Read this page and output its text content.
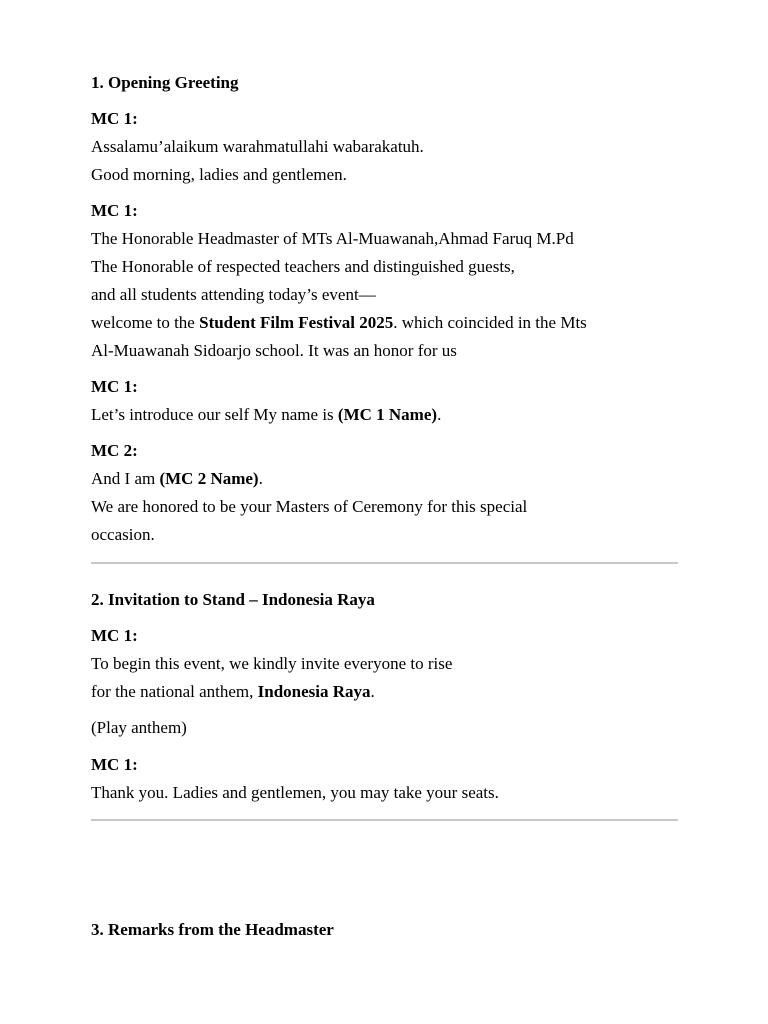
1. Opening Greeting
MC 1:
Assalamu’alaikum warahmatullahi wabarakatuh.
Good morning, ladies and gentlemen.
MC 1:
The Honorable Headmaster of MTs Al-Muawanah,Ahmad Faruq M.Pd
The Honorable of respected teachers and distinguished guests,
and all students attending today’s event—
welcome to the Student Film Festival 2025. which coincided in the Mts
Al-Muawanah Sidoarjo school. It was an honor for us
MC 1:
Let’s introduce our self My name is (MC 1 Name).
MC 2:
And I am (MC 2 Name).
We are honored to be your Masters of Ceremony for this special
occasion.
2. Invitation to Stand – Indonesia Raya
MC 1:
To begin this event, we kindly invite everyone to rise
for the national anthem, Indonesia Raya.
(Play anthem)
MC 1:
Thank you. Ladies and gentlemen, you may take your seats.
3. Remarks from the Headmaster
